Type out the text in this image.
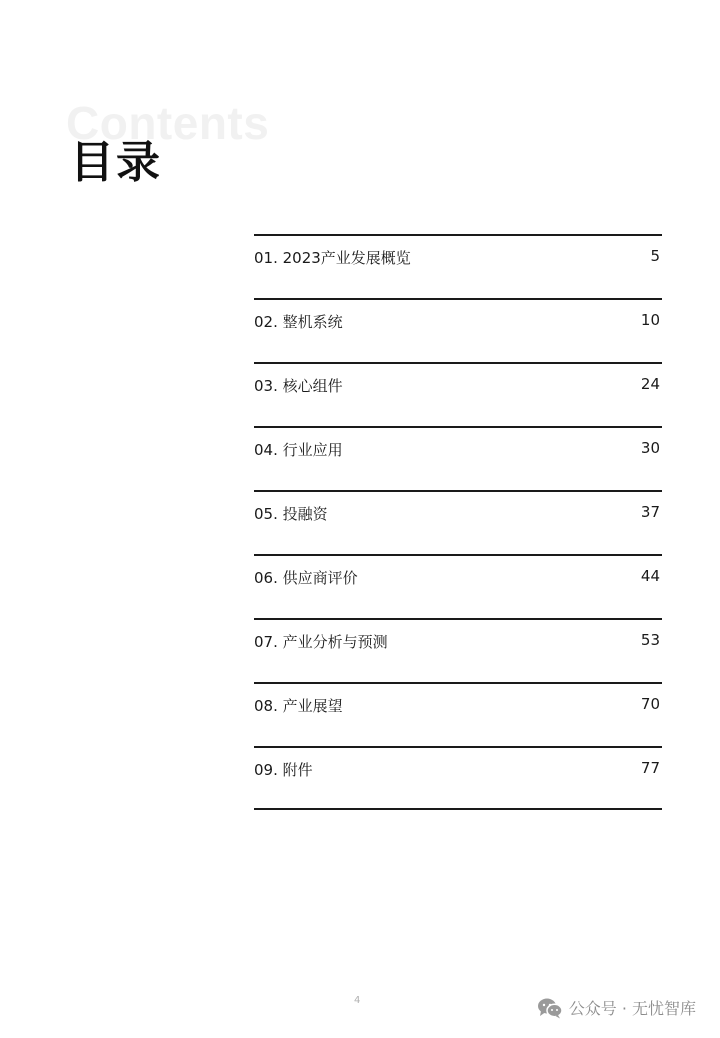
Contents
目录
01. 2023产业发展概览	5
02. 整机系统	10
03. 核心组件	24
04. 行业应用	30
05. 投融资	37
06. 供应商评价	44
07. 产业分析与预测	53
08. 产业展望	70
09. 附件	77
4	公众号 · 无忧智库
